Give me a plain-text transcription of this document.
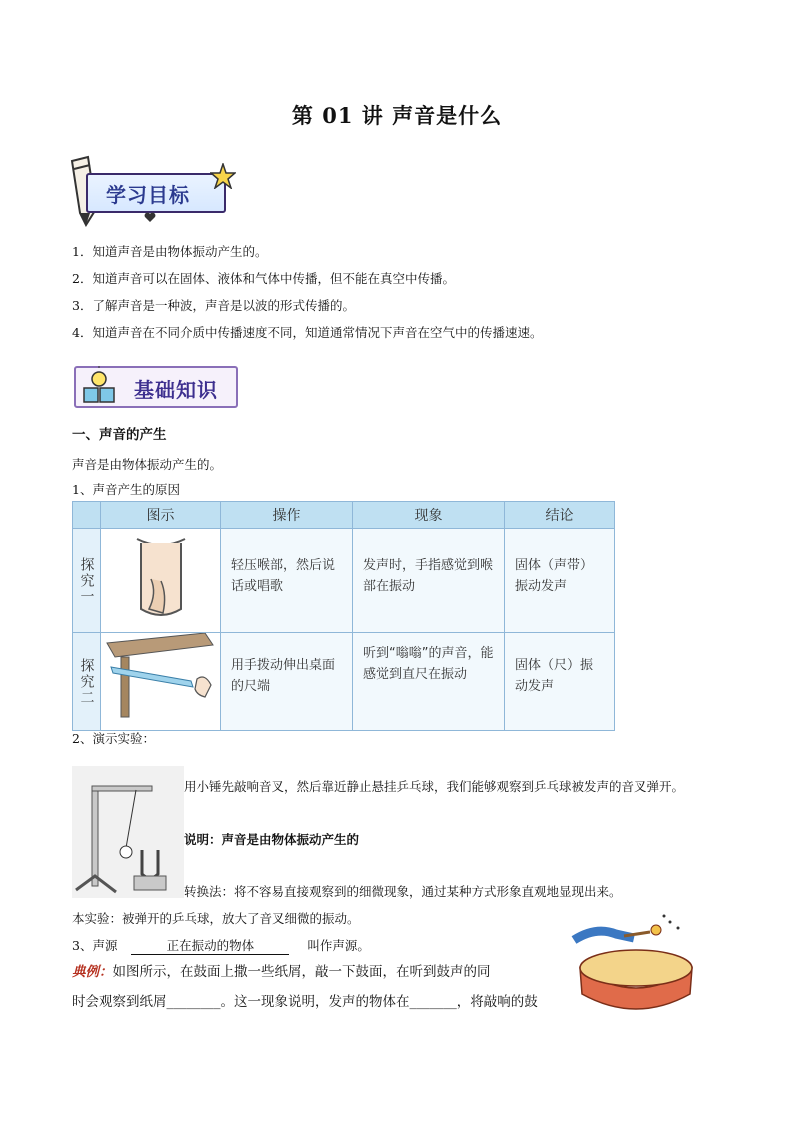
第 01 讲 声音是什么
学习目标
1．知道声音是由物体振动产生的。
2．知道声音可以在固体、液体和气体中传播，但不能在真空中传播。
3．了解声音是一种波，声音是以波的形式传播的。
4．知道声音在不同介质中传播速度不同，知道通常情况下声音在空气中的传播速速。
基础知识
一、声音的产生
声音是由物体振动产生的。
1、声音产生的原因
	图示	操作	现象	结论
探究一		轻压喉部，然后说话或唱歌	发声时，手指感觉到喉部在振动	固体（声带）振动发声
探究二		用手拨动伸出桌面的尺端	听到“嗡嗡”的声音，能感觉到直尺在振动	固体（尺）振动发声
2、演示实验：
用小锤先敲响音叉，然后靠近静止悬挂乒乓球，我们能够观察到乒乓球被发声的音叉弹开。
说明：声音是由物体振动产生的
转换法：将不容易直接观察到的细微现象，通过某种方式形象直观地显现出来。
本实验：被弹开的乒乓球，放大了音叉细微的振动。
3、声源	正在振动的物体	叫作声源。
典例：如图所示，在鼓面上撒一些纸屑，敲一下鼓面，在听到鼓声的同
时会观察到纸屑________。这一现象说明，发声的物体在_______，将敲响的鼓
